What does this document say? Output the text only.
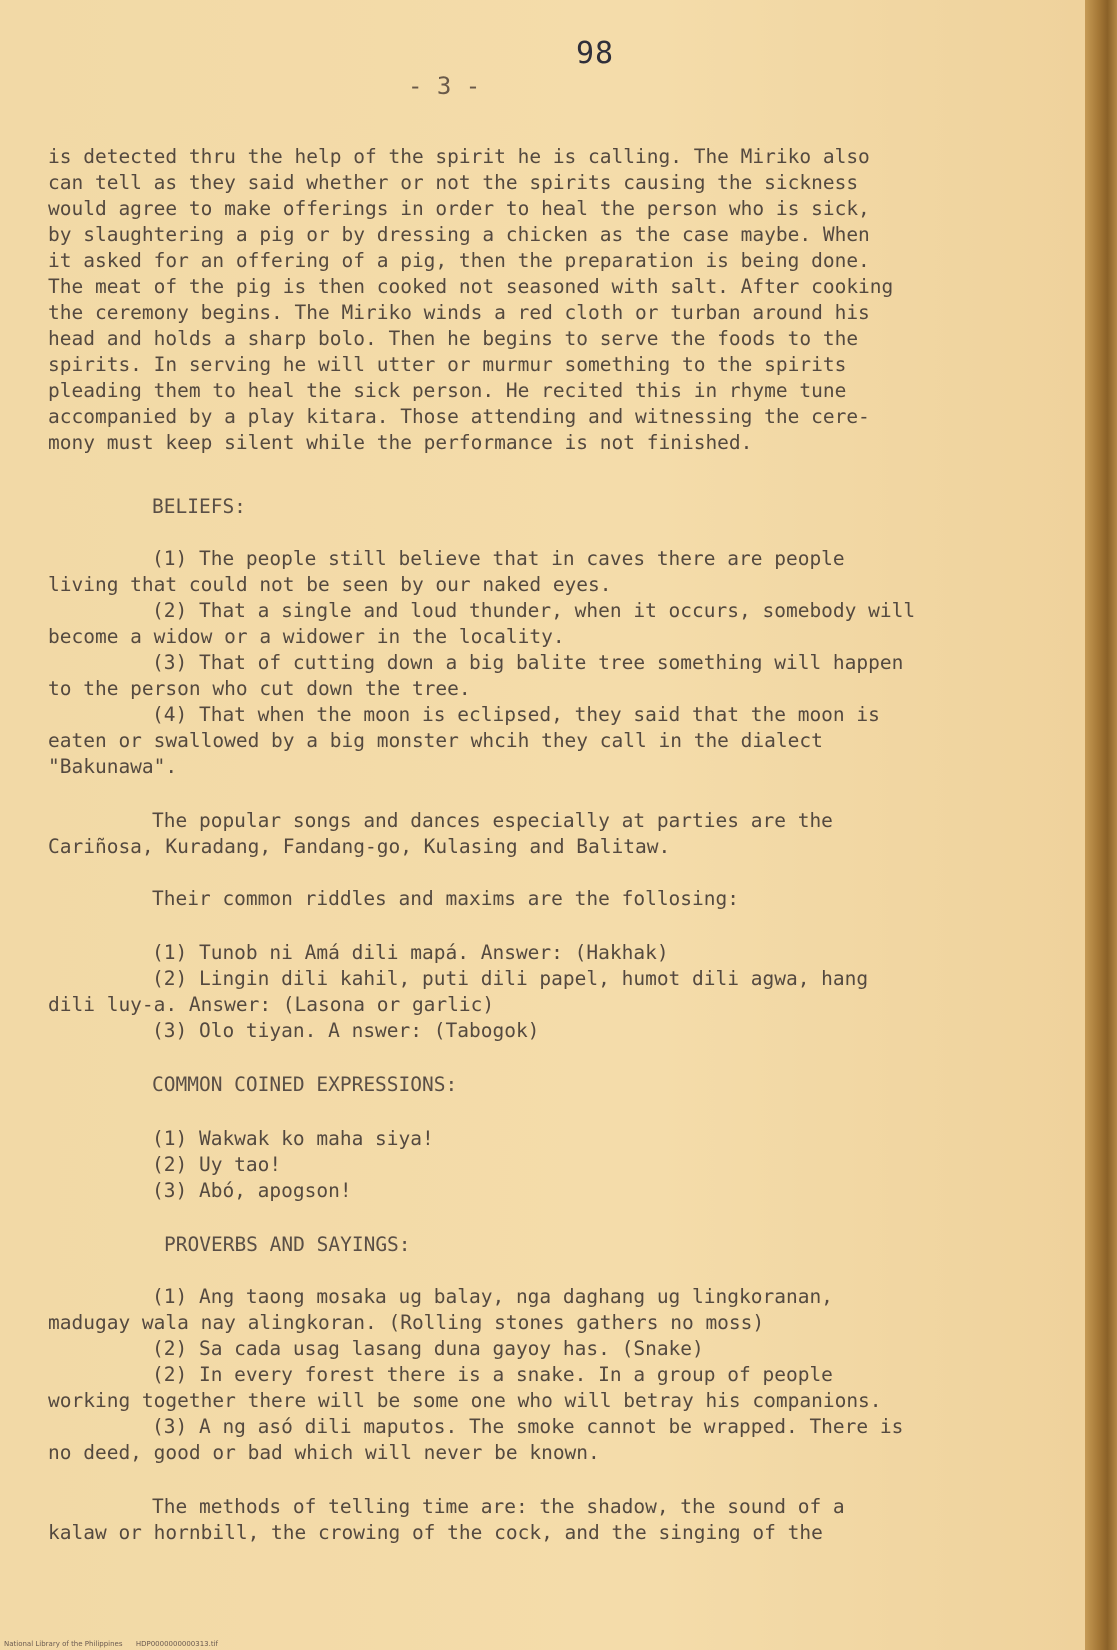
98
- 3 -
is detected thru the help of the spirit he is calling. The Miriko also
can tell as they said whether or not the spirits causing the sickness
would agree to make offerings in order to heal the person who is sick,
by slaughtering a pig or by dressing a chicken as the case maybe. When
it asked for an offering of a pig, then the preparation is being done.
The meat of the pig is then cooked not seasoned with salt. After cooking
the ceremony begins. The Miriko winds a red cloth or turban around his
head and holds a sharp bolo. Then he begins to serve the foods to the
spirits. In serving he will utter or murmur something to the spirits
pleading them to heal the sick person. He recited this in rhyme tune
accompanied by a play kitara. Those attending and witnessing the cere-
mony must keep silent while the performance is not finished.
BELIEFS:
(1) The people still believe that in caves there are people
living that could not be seen by our naked eyes.
(2) That a single and loud thunder, when it occurs, somebody will
become a widow or a widower in the locality.
(3) That of cutting down a big balite tree something will happen
to the person who cut down the tree.
(4) That when the moon is eclipsed, they said that the moon is
eaten or swallowed by a big monster whcih they call in the dialect
"Bakunawa".
The popular songs and dances especially at parties are the
Cariñosa, Kuradang, Fandang-go, Kulasing and Balitaw.
Their common riddles and maxims are the follosing:
(1) Tunob ni Amá dili mapá. Answer: (Hakhak)
(2) Lingin dili kahil, puti dili papel, humot dili agwa, hang
dili luy-a. Answer: (Lasona or garlic)
(3) Olo tiyan. A nswer: (Tabogok)
COMMON COINED EXPRESSIONS:
(1) Wakwak ko maha siya!
(2) Uy tao!
(3) Abó, apogson!
PROVERBS AND SAYINGS:
(1) Ang taong mosaka ug balay, nga daghang ug lingkoranan,
madugay wala nay alingkoran. (Rolling stones gathers no moss)
(2) Sa cada usag lasang duna gayoy has. (Snake)
(2) In every forest there is a snake. In a group of people
working together there will be some one who will betray his companions.
(3) A ng asó dili maputos. The smoke cannot be wrapped. There is
no deed, good or bad which will never be known.
The methods of telling time are: the shadow, the sound of a
kalaw or hornbill, the crowing of the cock, and the singing of the
National Library of the Philippines      HDP0000000000313.tif
